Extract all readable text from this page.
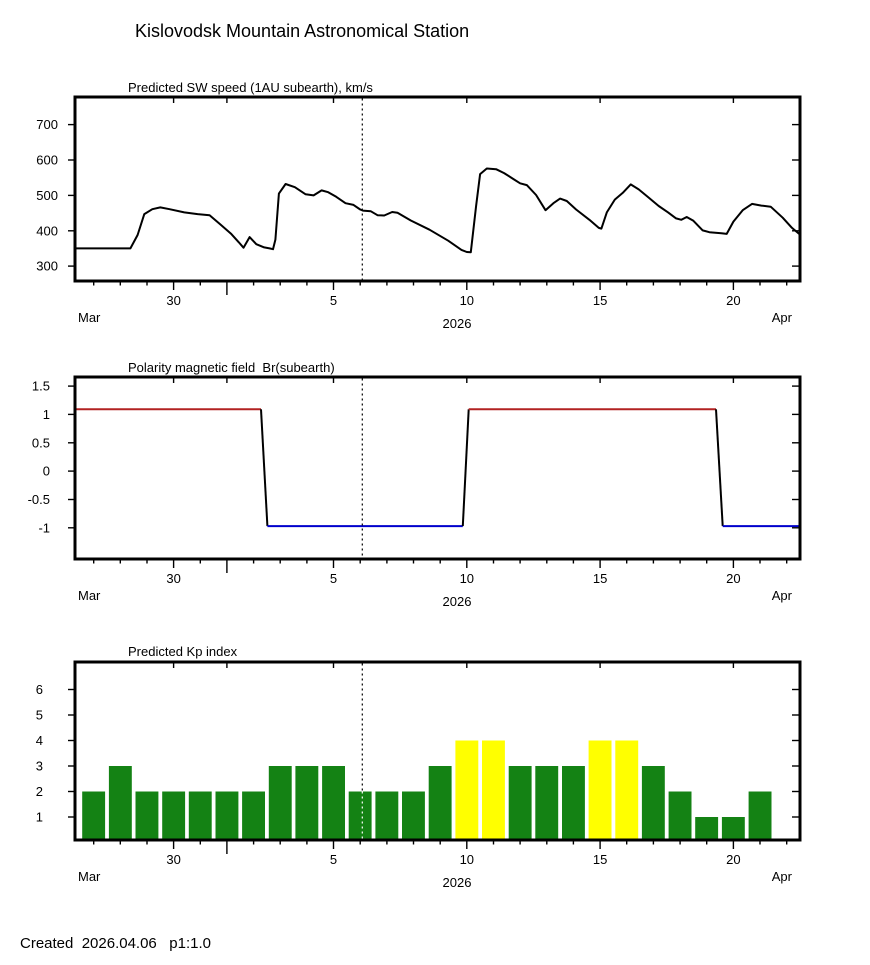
Kislovodsk Mountain Astronomical Station
Predicted SW speed (1AU subearth), km/s
30	5	10	15	20
300
400
500
600
700
Mar	Apr
2026
Polarity magnetic field  Br(subearth)
30	5	10	15	20
-1
-0.5
0
0.5
1
1.5
Mar	Apr
2026
Predicted Kp index
30	5	10	15	20
1
2
3
4
5
6
Mar	Apr
2026
Created  2026.04.06   p1:1.0
